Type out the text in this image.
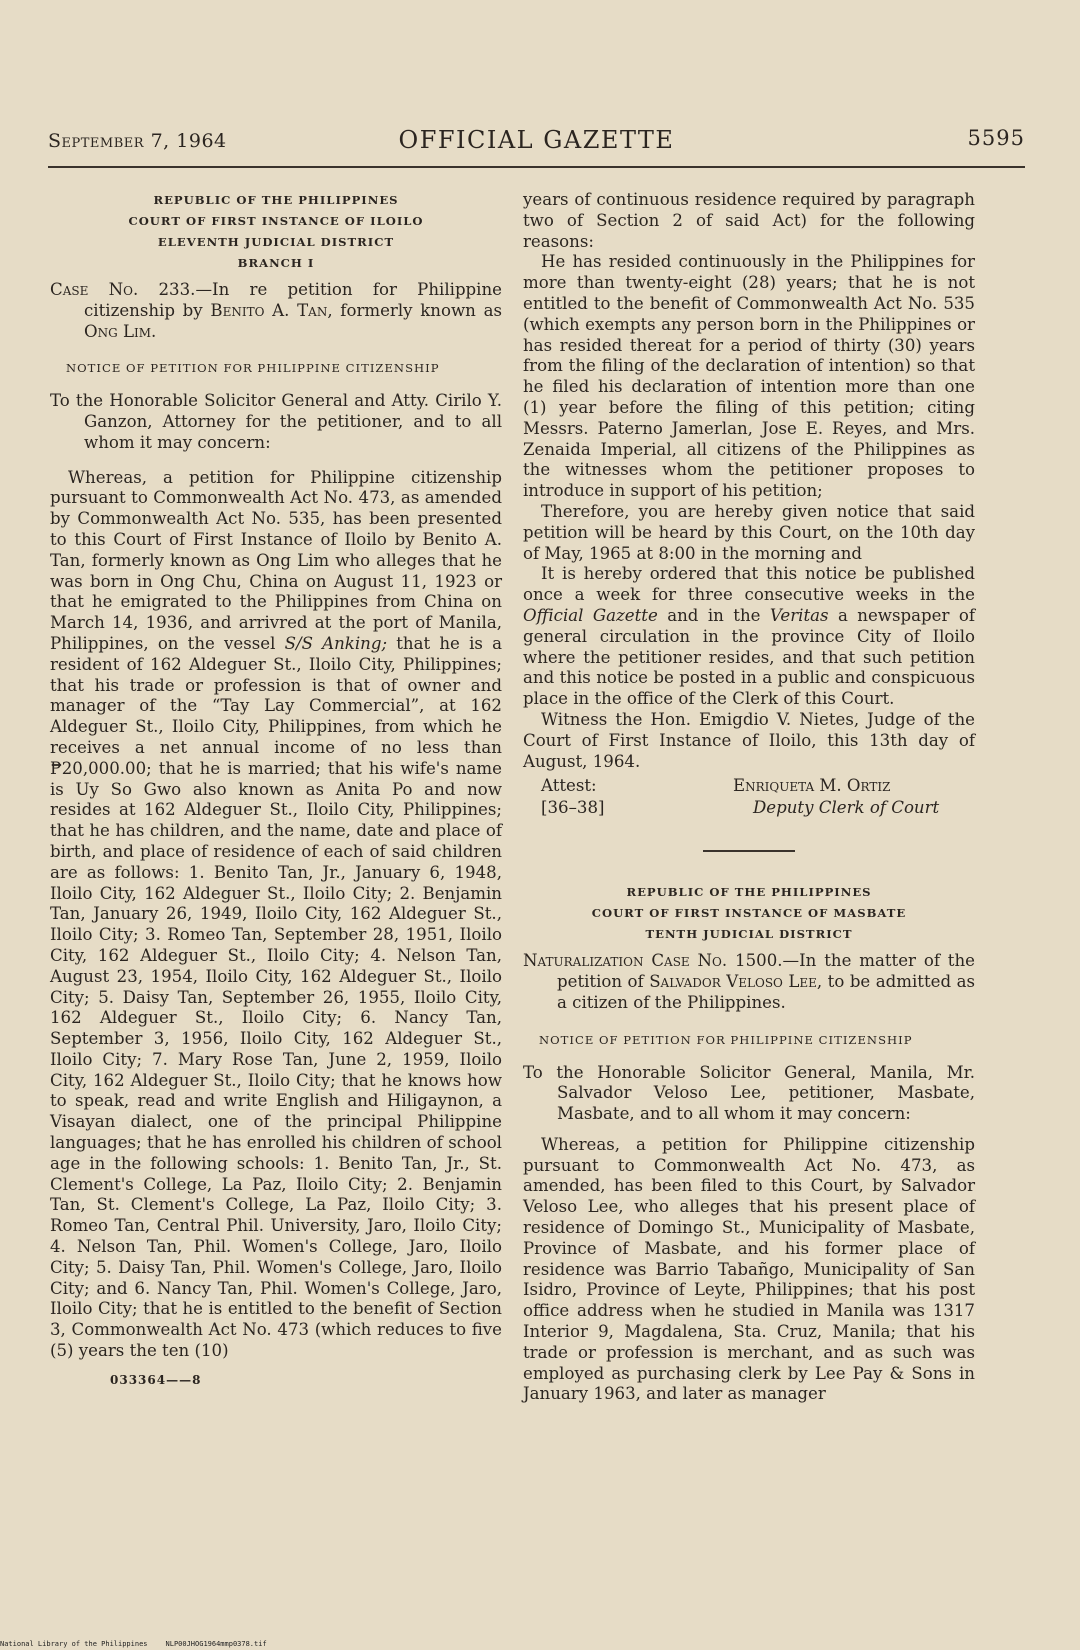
September 7, 1964	OFFICIAL GAZETTE	5595
REPUBLIC OF THE PHILIPPINES
COURT OF FIRST INSTANCE OF ILOILO
ELEVENTH JUDICIAL DISTRICT
BRANCH I
Case No. 233.—In re petition for Philippine citizenship by Benito A. Tan, formerly known as Ong Lim.
NOTICE OF PETITION FOR PHILIPPINE CITIZENSHIP
To the Honorable Solicitor General and Atty. Cirilo Y. Ganzon, Attorney for the petitioner, and to all whom it may concern:

Whereas, a petition for Philippine citizenship pursuant to Commonwealth Act No. 473, as amended by Commonwealth Act No. 535, has been presented to this Court of First Instance of Iloilo by Benito A. Tan, formerly known as Ong Lim who alleges that he was born in Ong Chu, China on August 11, 1923 or that he emigrated to the Philippines from China on March 14, 1936, and arrivred at the port of Manila, Philippines, on the vessel S/S Anking; that he is a resident of 162 Aldeguer St., Iloilo City, Philippines; that his trade or profession is that of owner and manager of the “Tay Lay Commercial”, at 162 Aldeguer St., Iloilo City, Philippines, from which he receives a net annual income of no less than ₱20,000.00; that he is married; that his wife's name is Uy So Gwo also known as Anita Po and now resides at 162 Aldeguer St., Iloilo City, Philippines; that he has children, and the name, date and place of birth, and place of residence of each of said children are as follows: 1. Benito Tan, Jr., January 6, 1948, Iloilo City, 162 Aldeguer St., Iloilo City; 2. Benjamin Tan, January 26, 1949, Iloilo City, 162 Aldeguer St., Iloilo City; 3. Romeo Tan, September 28, 1951, Iloilo City, 162 Aldeguer St., Iloilo City; 4. Nelson Tan, August 23, 1954, Iloilo City, 162 Aldeguer St., Iloilo City; 5. Daisy Tan, September 26, 1955, Iloilo City, 162 Aldeguer St., Iloilo City; 6. Nancy Tan, September 3, 1956, Iloilo City, 162 Aldeguer St., Iloilo City; 7. Mary Rose Tan, June 2, 1959, Iloilo City, 162 Aldeguer St., Iloilo City; that he knows how to speak, read and write English and Hiligaynon, a Visayan dialect, one of the principal Philippine languages; that he has enrolled his children of school age in the following schools: 1. Benito Tan, Jr., St. Clement's College, La Paz, Iloilo City; 2. Benjamin Tan, St. Clement's College, La Paz, Iloilo City; 3. Romeo Tan, Central Phil. University, Jaro, Iloilo City; 4. Nelson Tan, Phil. Women's College, Jaro, Iloilo City; 5. Daisy Tan, Phil. Women's College, Jaro, Iloilo City; and 6. Nancy Tan, Phil. Women's College, Jaro, Iloilo City; that he is entitled to the benefit of Section 3, Commonwealth Act No. 473 (which reduces to five (5) years the ten (10)

033364——8

years of continuous residence required by paragraph two of Section 2 of said Act) for the following reasons:

He has resided continuously in the Philippines for more than twenty-eight (28) years; that he is not entitled to the benefit of Commonwealth Act No. 535 (which exempts any person born in the Philippines or has resided thereat for a period of thirty (30) years from the filing of the declaration of intention) so that he filed his declaration of intention more than one (1) year before the filing of this petition; citing Messrs. Paterno Jamerlan, Jose E. Reyes, and Mrs. Zenaida Imperial, all citizens of the Philippines as the witnesses whom the petitioner proposes to introduce in support of his petition;

Therefore, you are hereby given notice that said petition will be heard by this Court, on the 10th day of May, 1965 at 8:00 in the morning and

It is hereby ordered that this notice be published once a week for three consecutive weeks in the Official Gazette and in the Veritas a newspaper of general circulation in the province City of Iloilo where the petitioner resides, and that such petition and this notice be posted in a public and conspicuous place in the office of the Clerk of this Court.

Witness the Hon. Emigdio V. Nietes, Judge of the Court of First Instance of Iloilo, this 13th day of August, 1964.

Attest:
[36–38]
Enriqueta M. Ortiz
Deputy Clerk of Court
REPUBLIC OF THE PHILIPPINES
COURT OF FIRST INSTANCE OF MASBATE
TENTH JUDICIAL DISTRICT
Naturalization Case No. 1500.—In the matter of the petition of Salvador Veloso Lee, to be admitted as a citizen of the Philippines.
NOTICE OF PETITION FOR PHILIPPINE CITIZENSHIP
To the Honorable Solicitor General, Manila, Mr. Salvador Veloso Lee, petitioner, Masbate, Masbate, and to all whom it may concern:

Whereas, a petition for Philippine citizenship pursuant to Commonwealth Act No. 473, as amended, has been filed to this Court, by Salvador Veloso Lee, who alleges that his present place of residence of Domingo St., Municipality of Masbate, Province of Masbate, and his former place of residence was Barrio Tabañgo, Municipality of San Isidro, Province of Leyte, Philippines; that his post office address when he studied in Manila was 1317 Interior 9, Magdalena, Sta. Cruz, Manila; that his trade or profession is merchant, and as such was employed as purchasing clerk by Lee Pay & Sons in January 1963, and later as manager

National Library of the Philippines	NLP00JHOG1964mmp0378.tif
